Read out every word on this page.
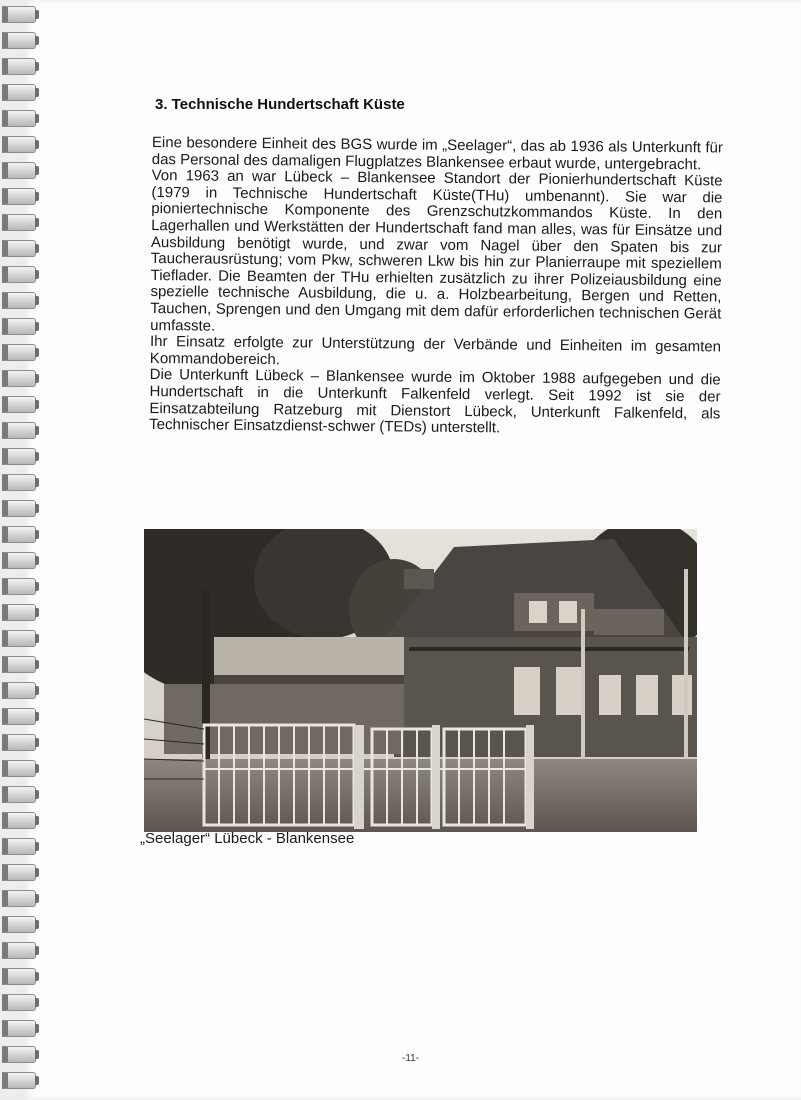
3. Technische Hundertschaft Küste

Eine besondere Einheit des BGS wurde im „Seelager“, das ab 1936 als Unterkunft für das Personal des damaligen Flugplatzes Blankensee erbaut wurde, untergebracht.

Von 1963 an war Lübeck – Blankensee Standort der Pionierhundertschaft Küste (1979 in Technische Hundertschaft Küste(THu) umbenannt). Sie war die pioniertechnische Komponente des Grenzschutzkommandos Küste. In den Lagerhallen und Werkstätten der Hundertschaft fand man alles, was für Einsätze und Ausbildung benötigt wurde, und zwar vom Nagel über den Spaten bis zur Taucherausrüstung; vom Pkw, schweren Lkw bis hin zur Planierraupe mit speziellem Tieflader. Die Beamten der THu erhielten zusätzlich zu ihrer Polizeiausbildung eine spezielle technische Ausbildung, die u. a. Holzbearbeitung, Bergen und Retten, Tauchen, Sprengen und den Umgang mit dem dafür erforderlichen technischen Gerät umfasste.

Ihr Einsatz erfolgte zur Unterstützung der Verbände und Einheiten im gesamten Kommandobereich.

Die Unterkunft Lübeck – Blankensee wurde im Oktober 1988 aufgegeben und die Hundertschaft in die Unterkunft Falkenfeld verlegt. Seit 1992 ist sie der Einsatzabteilung Ratzeburg mit Dienstort Lübeck, Unterkunft Falkenfeld, als Technischer Einsatzdienst-schwer (TEDs) unterstellt.

„Seelager“ Lübeck - Blankensee
-11-
